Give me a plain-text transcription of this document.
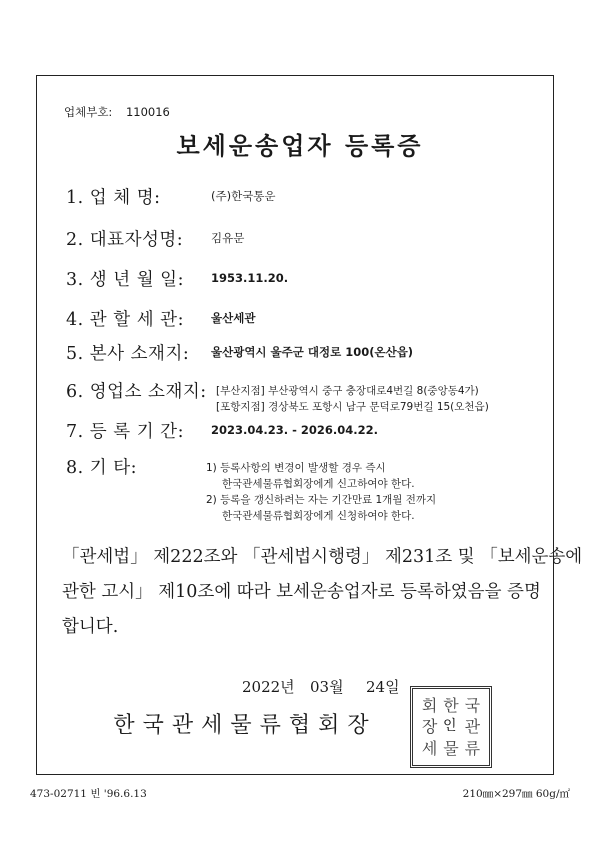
업체부호: 110016
보세운송업자 등록증
1. 업 체 명:	(주)한국통운
2. 대표자성명:	김유문
3. 생 년 월 일:	1953.11.20.
4. 관 할 세 관:	울산세관
5. 본사 소재지:	울산광역시 울주군 대정로 100(온산읍)
6. 영업소 소재지: [부산지점] 부산광역시 중구 충장대로4번길 8(중앙동4가)
[포항지점] 경상북도 포항시 남구 문덕로79번길 15(오천읍)
7. 등 록 기 간:	2023.04.23. - 2026.04.22.
8. 기 타:	1) 등록사항의 변경이 발생할 경우 즉시
한국관세물류협회장에게 신고하여야 한다.
2) 등록을 갱신하려는 자는 기간만료 1개월 전까지
한국관세물류협회장에게 신청하여야 한다.
「관세법」 제222조와 「관세법시행령」 제231조 및 「보세운송에
관한 고시」 제10조에 따라 보세운송업자로 등록하였음을 증명
합니다.
2022년 03월 24일
한국관세물류협회장
회 한 국
장 관
세 물 류
인
473-02711 빈 '96.6.13	210㎜×297㎜ 60g/㎡
